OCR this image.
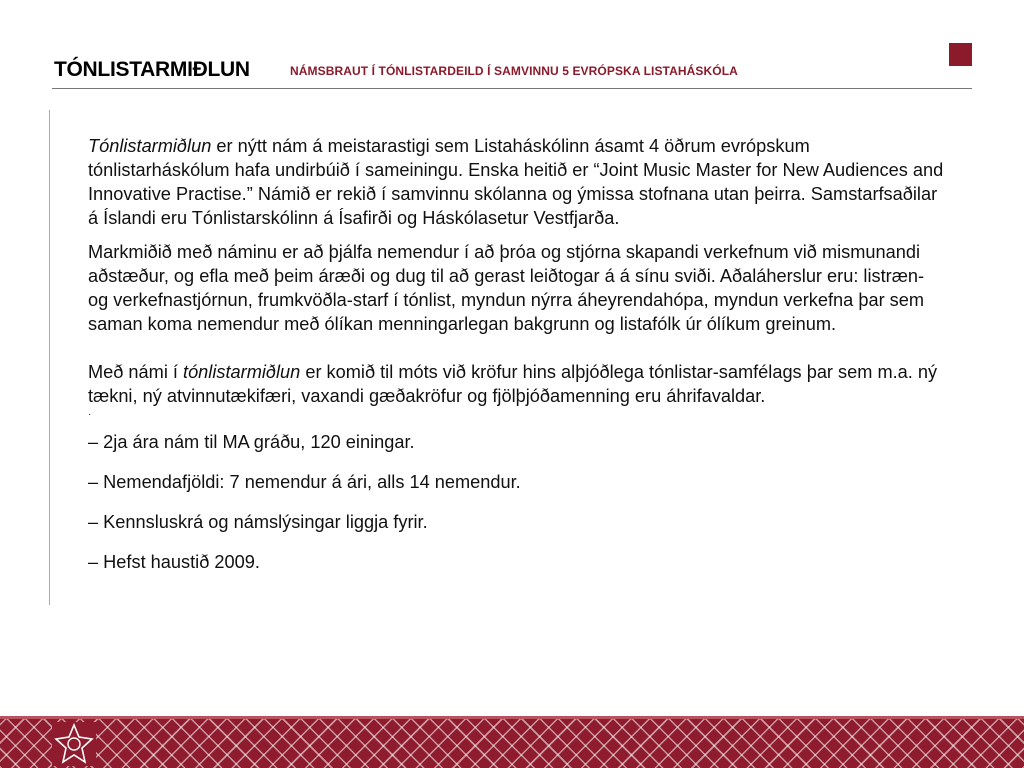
TÓNLISTARMIÐLUN	NÁMSBRAUT Í TÓNLISTARDEILD Í SAMVINNU 5 EVRÓPSKA LISTAHÁSKÓLA

Tónlistarmiðlun er nýtt nám á meistarastigi sem Listaháskólinn ásamt 4 öðrum evrópskum tónlistarháskólum hafa undirbúið í sameiningu. Enska heitið er “Joint Music Master for New Audiences and Innovative Practise.” Námið er rekið í samvinnu skólanna og ýmissa stofnana utan þeirra. Samstarfsaðilar á Íslandi eru Tónlistarskólinn á Ísafirði og Háskólasetur Vestfjarða.

Markmiðið með náminu er að þjálfa nemendur í að þróa og stjórna skapandi verkefnum við mismunandi aðstæður, og efla með þeim áræði og dug til að gerast leiðtogar á á sínu sviði. Aðaláherslur eru: listræn- og verkefnastjórnun, frumkvöðla-starf í tónlist, myndun nýrra áheyrendahópa, myndun verkefna þar sem saman koma nemendur með ólíkan menningarlegan bakgrunn og listafólk úr ólíkum greinum.

Með námi í tónlistarmiðlun er komið til móts við kröfur hins alþjóðlega tónlistar-samfélags þar sem m.a. ný tækni, ný atvinnutækifæri, vaxandi gæðakröfur og fjölþjóðamenning eru áhrifavaldar.

·

– 2ja ára nám til MA gráðu, 120 einingar.

– Nemendafjöldi: 7 nemendur á ári, alls 14 nemendur.

– Kennsluskrá og námslýsingar liggja fyrir.

– Hefst haustið 2009.
